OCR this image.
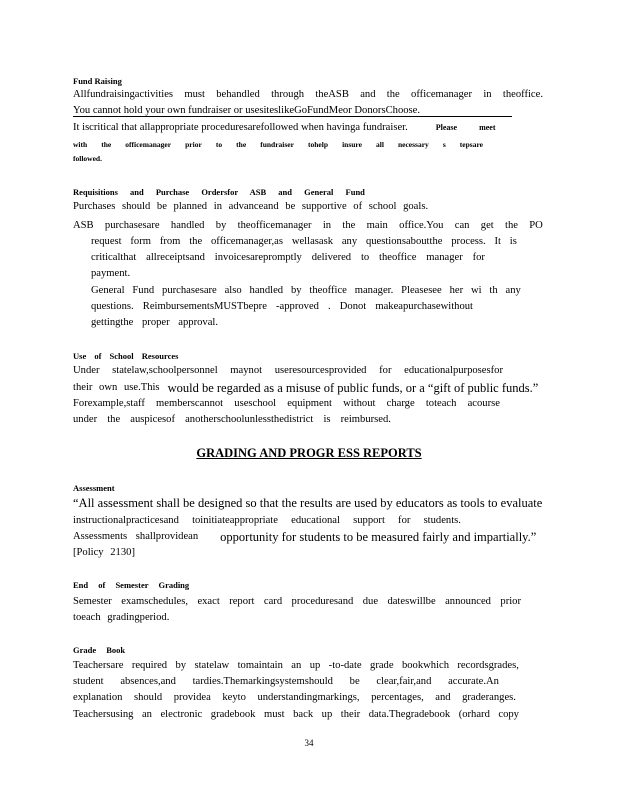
Fund Raising
Allfundraisingactivities must behandled through theASB and the officemanager in theoffice.
You cannot hold your own fundraiser or usesiteslikeGoFundMeor DonorsChoose.
It iscritical that allappropriate proceduresarefollowed when havinga fundraiser.	Please meet
with the officemanager prior to the fundraiser tohelp insure all necessary s tepsare
followed.
Requisitions and Purchase Ordersfor ASB and General Fund
Purchases should be planned in advanceand be supportive of school goals.
ASB purchasesare handled by theofficemanager in the main office.You can get the PO
request form from the officemanager,as wellasask any questionsaboutthe process. It is
criticalthat allreceiptsand invoicesarepromptly delivered to theoffice manager for
payment.
General Fund purchasesare also handled by theoffice manager. Pleasesee her wi th any
questions. ReimbursementsMUSTbepre -approved . Donot makeapurchasewithout
gettingthe proper approval.
Use of School Resources
Under statelaw,schoolpersonnel maynot useresourcesprovided for educationalpurposesfor
their own use.This would be regarded as a misuse of public funds, or a “gift of public funds.”
Forexample,staff memberscannot useschool equipment without charge toteach acourse
under the auspicesof anotherschoolunlessthedistrict is reimbursed.
GRADING AND PROGR ESS REPORTS
Assessment
“All assessment shall be designed so that the results are used by educators as tools to evaluate
instructionalpracticesand toinitiateappropriate educational support for students.
Assessments shallprovidean opportunity for students to be measured fairly and impartially.”
[Policy 2130]
End of Semester Grading
Semester examschedules, exact report card proceduresand due dateswillbe announced prior
toeach gradingperiod.
Grade Book
Teachersare required by statelaw tomaintain an up -to-date grade bookwhich recordsgrades,
student absences,and tardies.Themarkingsystemshould be clear,fair,and accurate.An
explanation should providea keyto understandingmarkings, percentages, and graderanges.
Teachersusing an electronic gradebook must back up their data.Thegradebook (orhard copy
34
